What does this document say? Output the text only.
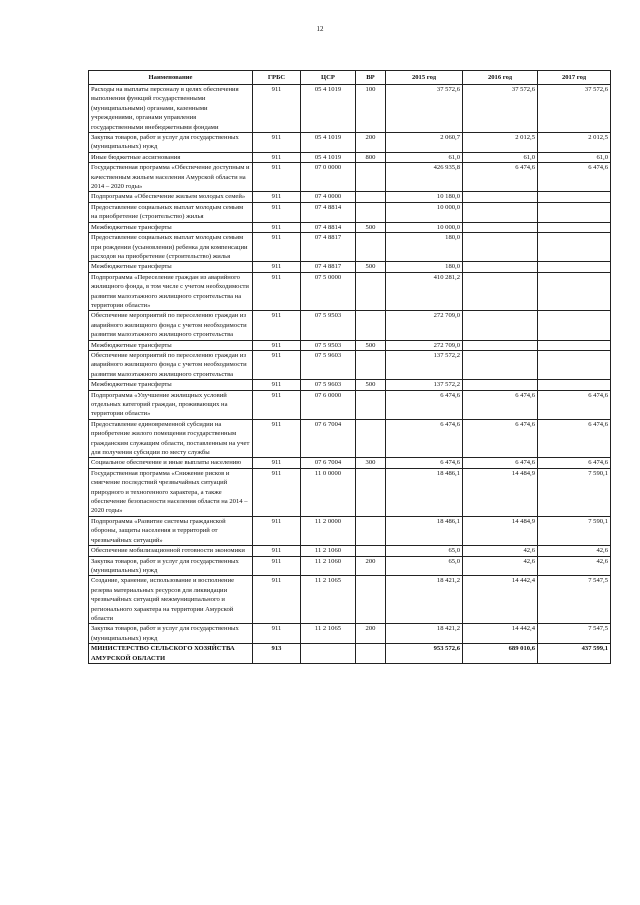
12
Наименование	ГРБС	ЦСР	ВР	2015 год	2016 год	2017 год
Расходы на выплаты персоналу в целях обеспечения выполнения функций государственными (муниципальными) органами, казенными учреждениями, органами управления государственными внебюджетными фондами	911	05 4 1019	100	37 572,6	37 572,6	37 572,6
Закупка товаров, работ и услуг для государственных (муниципальных) нужд	911	05 4 1019	200	2 060,7	2 012,5	2 012,5
Иные бюджетные ассигнования	911	05 4 1019	800	61,0	61,0	61,0
Государственная программа «Обеспечение доступным и качественным жильем населения Амурской области на 2014 – 2020 годы»	911	07 0 0000		426 935,8	6 474,6	6 474,6
Подпрограмма «Обеспечение жильем молодых семей»	911	07 4 0000		10 180,0		
Предоставление социальных выплат молодым семьям на приобретение (строительство) жилья	911	07 4 8814		10 000,0		
Межбюджетные трансферты	911	07 4 8814	500	10 000,0		
Предоставление социальных выплат молодым семьям при рождении (усыновлении) ребенка для компенсации расходов на приобретение (строительство) жилья	911	07 4 8817		180,0		
Межбюджетные трансферты	911	07 4 8817	500	180,0		
Подпрограмма «Переселение граждан из аварийного жилищного фонда, в том числе с учетом необходимости развития малоэтажного жилищного строительства на территории области»	911	07 5 0000		410 281,2		
Обеспечение мероприятий по переселению граждан из аварийного жилищного фонда с учетом необходимости развития малоэтажного жилищного строительства	911	07 5 9503		272 709,0		
Межбюджетные трансферты	911	07 5 9503	500	272 709,0		
Обеспечение мероприятий по переселению граждан из аварийного жилищного фонда с учетом необходимости развития малоэтажного жилищного строительства	911	07 5 9603		137 572,2		
Межбюджетные трансферты	911	07 5 9603	500	137 572,2		
Подпрограмма «Улучшение жилищных условий отдельных категорий граждан, проживающих на территории области»	911	07 6 0000		6 474,6	6 474,6	6 474,6
Предоставление единовременной субсидии на приобретение жилого помещения государственным гражданским служащим области, поставленным на учет для получения субсидии по месту службы	911	07 6 7004		6 474,6	6 474,6	6 474,6
Социальное обеспечение и иные выплаты населению	911	07 6 7004	300	6 474,6	6 474,6	6 474,6
Государственная программа «Снижение рисков и смягчение последствий чрезвычайных ситуаций природного и техногенного характера, а также обеспечение безопасности населения области на 2014 – 2020 годы»	911	11 0 0000		18 486,1	14 484,9	7 590,1
Подпрограмма «Развитие системы гражданской обороны, защиты населения и территорий от чрезвычайных ситуаций»	911	11 2 0000		18 486,1	14 484,9	7 590,1
Обеспечение мобилизационной готовности экономики	911	11 2 1060		65,0	42,6	42,6
Закупка товаров, работ и услуг для государственных (муниципальных) нужд	911	11 2 1060	200	65,0	42,6	42,6
Создание, хранение, использование и восполнение резерва материальных ресурсов для ликвидации чрезвычайных ситуаций межмуниципального и регионального характера на территории Амурской области	911	11 2 1065		18 421,2	14 442,4	7 547,5
Закупка товаров, работ и услуг для государственных (муниципальных) нужд	911	11 2 1065	200	18 421,2	14 442,4	7 547,5
МИНИСТЕРСТВО СЕЛЬСКОГО ХОЗЯЙСТВА АМУРСКОЙ ОБЛАСТИ	913			953 572,6	689 010,6	437 599,1
